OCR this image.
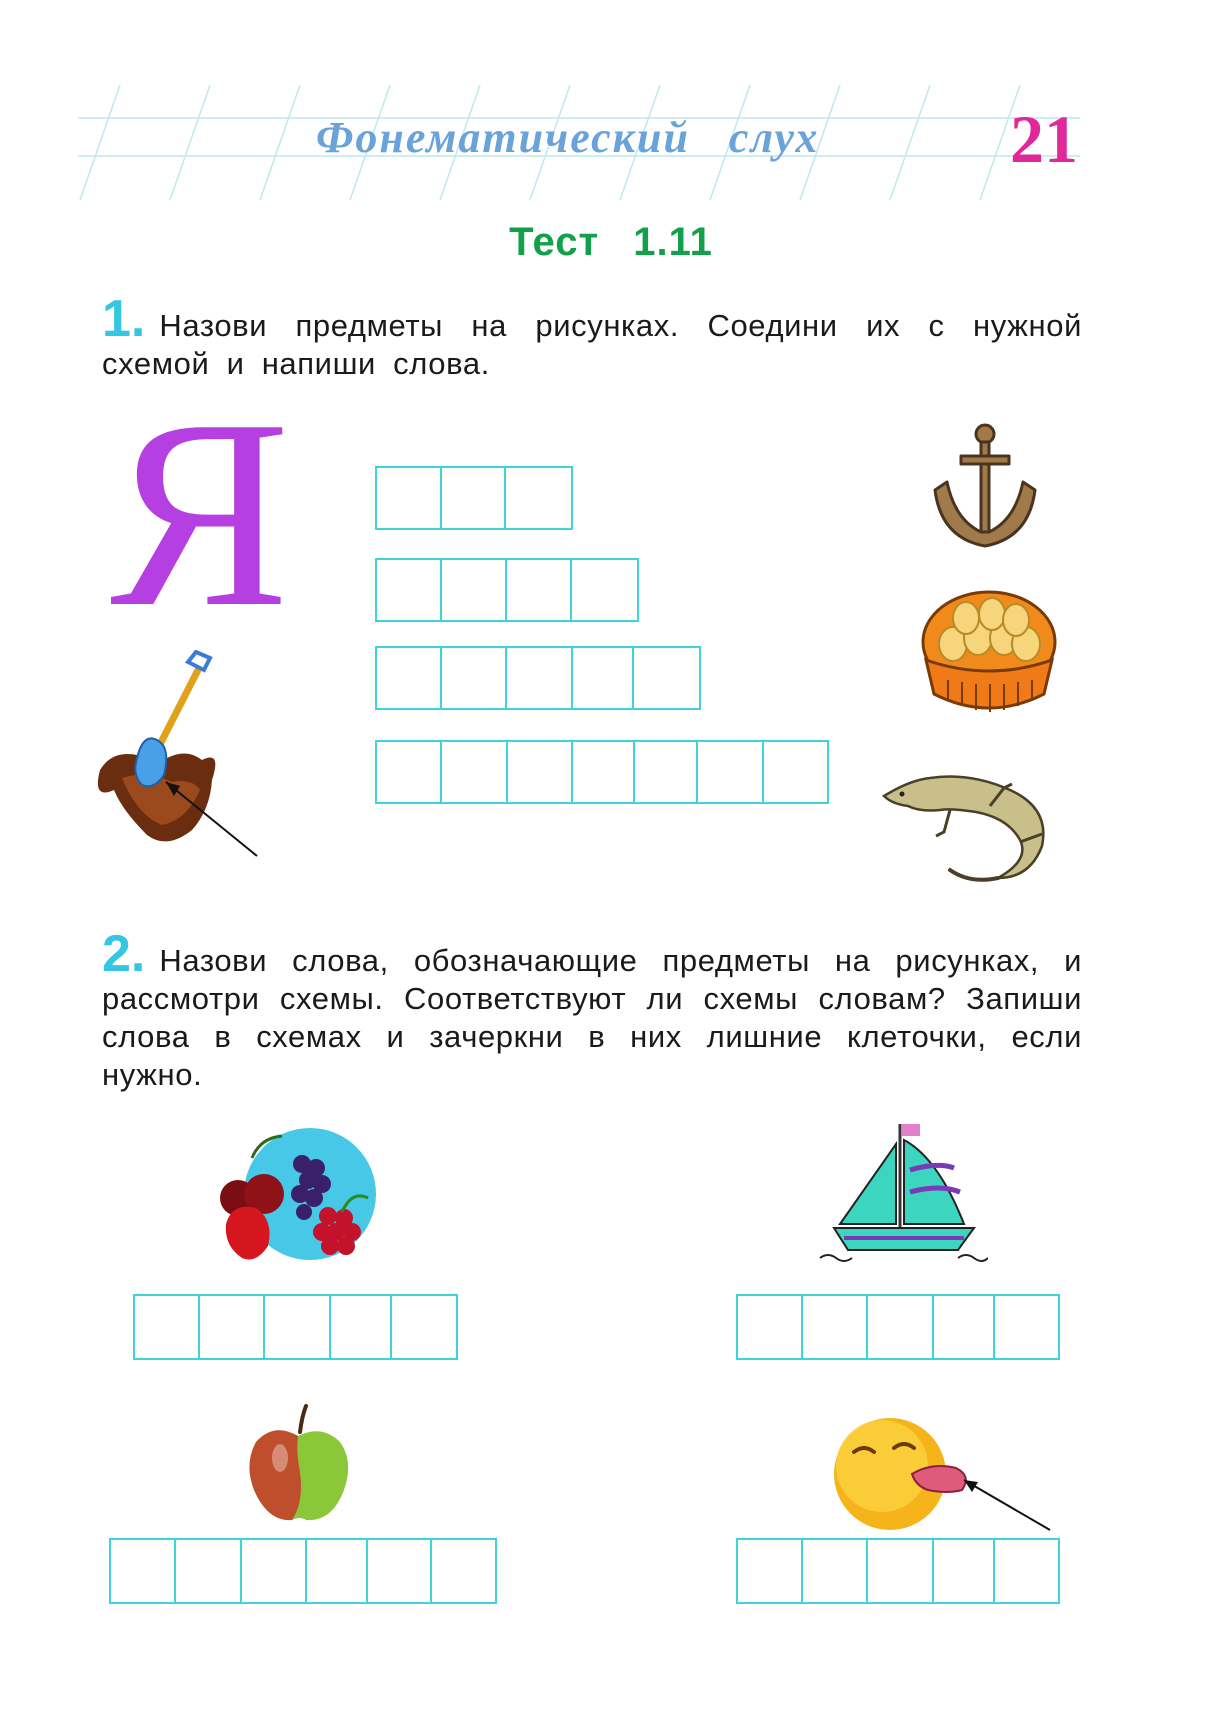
Фонематический слух	21
Тест 1.11
1. Назови предметы на рисунках. Соедини их с нужной схемой и напиши слова.
Я
2. Назови слова, обозначающие предметы на рисунках, и рассмотри схемы. Соответствуют ли схемы словам? Запиши слова в схемах и зачеркни в них лишние клеточки, если нужно.
